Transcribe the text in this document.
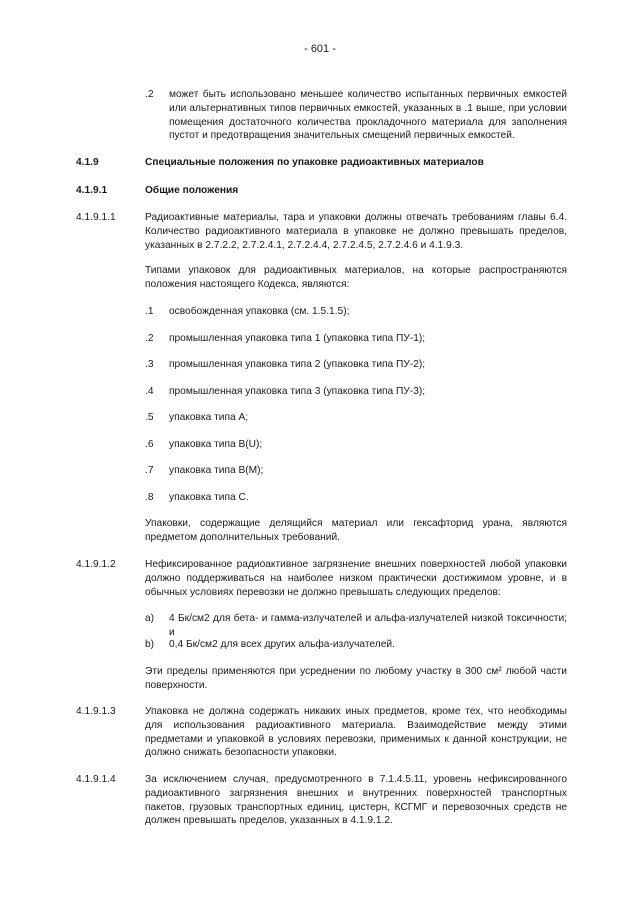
- 601 -
.2 может быть использовано меньшее количество испытанных первичных емкостей или альтернативных типов первичных емкостей, указанных в .1 выше, при условии помещения достаточного количества прокладочного материала для заполнения пустот и предотвращения значительных смещений первичных емкостей.

4.1.9	Специальные положения по упаковке радиоактивных материалов
4.1.9.1	Общие положения
4.1.9.1.1	Радиоактивные материалы, тара и упаковки должны отвечать требованиям главы 6.4. Количество радиоактивного материала в упаковке не должно превышать пределов, указанных в 2.7.2.2, 2.7.2.4.1, 2.7.2.4.4, 2.7.2.4.5, 2.7.2.4.6 и 4.1.9.3.

Типами упаковок для радиоактивных материалов, на которые распространяются положения настоящего Кодекса, являются:

.1 освобожденная упаковка (см. 1.5.1.5);
.2 промышленная упаковка типа 1 (упаковка типа ПУ-1);
.3 промышленная упаковка типа 2 (упаковка типа ПУ-2);
.4 промышленная упаковка типа 3 (упаковка типа ПУ-3);
.5 упаковка типа А;
.6 упаковка типа В(U);
.7 упаковка типа В(М);
.8 упаковка типа С.

Упаковки, содержащие делящийся материал или гексафторид урана, являются предметом дополнительных требований.

4.1.9.1.2	Нефиксированное радиоактивное загрязнение внешних поверхностей любой упаковки должно поддерживаться на наиболее низком практически достижимом уровне, и в обычных условиях перевозки не должно превышать следующих пределов:

a) 4 Бк/см2 для бета- и гамма-излучателей и альфа-излучателей низкой токсичности; и
b) 0,4 Бк/см2 для всех других альфа-излучателей.

Эти пределы применяются при усреднении по любому участку в 300 см² любой части поверхности.

4.1.9.1.3	Упаковка не должна содержать никаких иных предметов, кроме тех, что необходимы для использования радиоактивного материала. Взаимодействие между этими предметами и упаковкой в условиях перевозки, применимых к данной конструкции, не должно снижать безопасности упаковки.

4.1.9.1.4	За исключением случая, предусмотренного в 7.1.4.5.11, уровень нефиксированного радиоактивного загрязнения внешних и внутренних поверхностей транспортных пакетов, грузовых транспортных единиц, цистерн, КСГМГ и перевозочных средств не должен превышать пределов, указанных в 4.1.9.1.2.
